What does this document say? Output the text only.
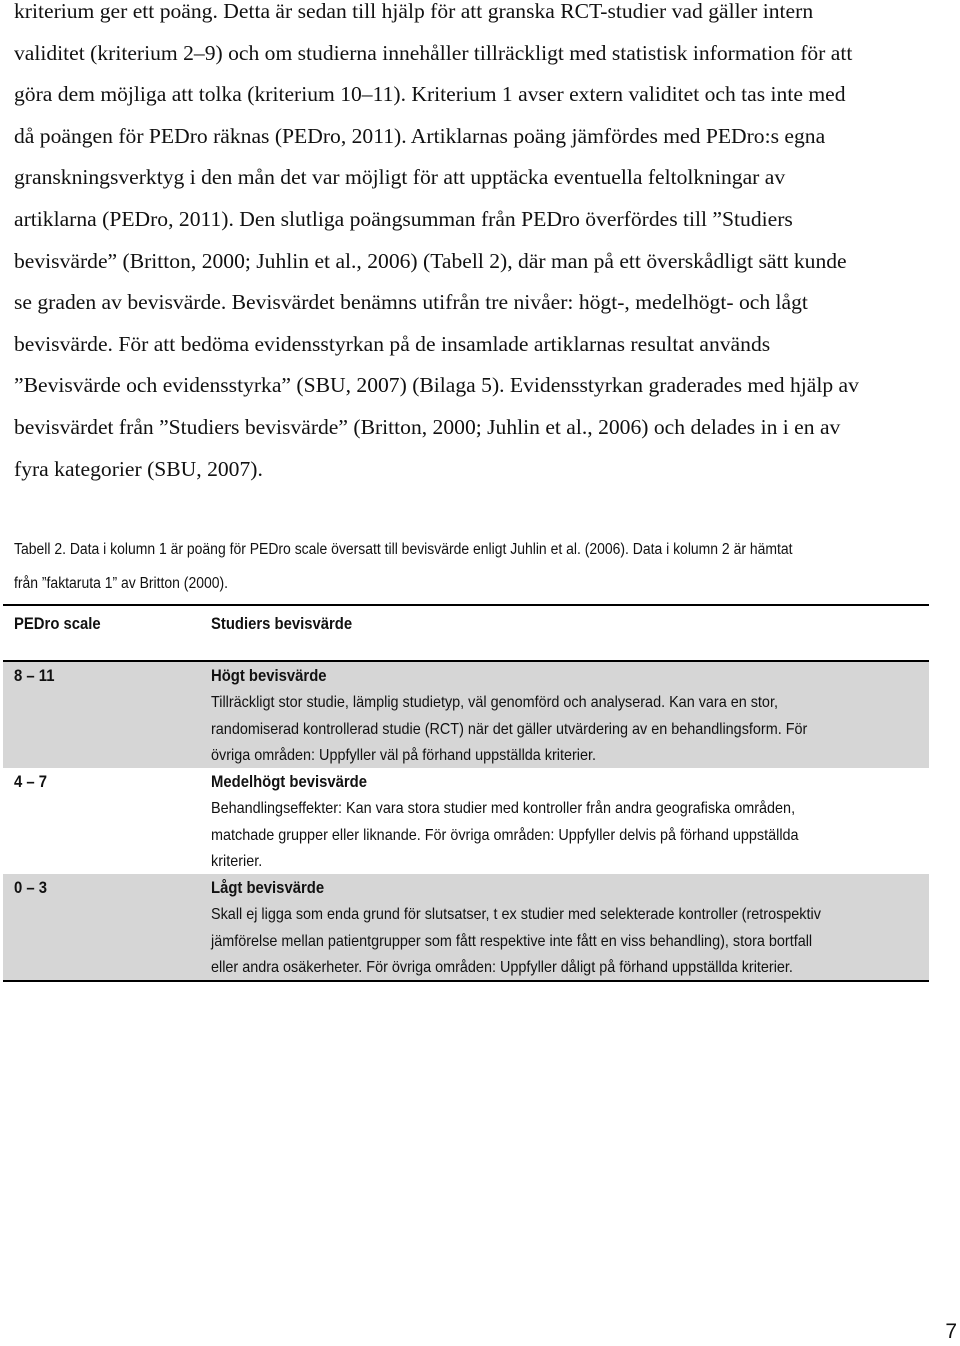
kriterium ger ett poäng. Detta är sedan till hjälp för att granska RCT-studier vad gäller intern
validitet (kriterium 2–9) och om studierna innehåller tillräckligt med statistisk information för att
göra dem möjliga att tolka (kriterium 10–11). Kriterium 1 avser extern validitet och tas inte med
då poängen för PEDro räknas (PEDro, 2011). Artiklarnas poäng jämfördes med PEDro:s egna
granskningsverktyg i den mån det var möjligt för att upptäcka eventuella feltolkningar av
artiklarna (PEDro, 2011). Den slutliga poängsumman från PEDro överfördes till ”Studiers
bevisvärde” (Britton, 2000; Juhlin et al., 2006) (Tabell 2), där man på ett överskådligt sätt kunde
se graden av bevisvärde. Bevisvärdet benämns utifrån tre nivåer: högt-, medelhögt- och lågt
bevisvärde. För att bedöma evidensstyrkan på de insamlade artiklarnas resultat används
”Bevisvärde och evidensstyrka” (SBU, 2007) (Bilaga 5). Evidensstyrkan graderades med hjälp av
bevisvärdet från ”Studiers bevisvärde” (Britton, 2000; Juhlin et al., 2006) och delades in i en av
fyra kategorier (SBU, 2007).
Tabell 2. Data i kolumn 1 är poäng för PEDro scale översatt till bevisvärde enligt Juhlin et al. (2006). Data i kolumn 2 är hämtat
från ”faktaruta 1” av Britton (2000).
PEDro scale	Studiers bevisvärde
8 – 11	Högt bevisvärde
Tillräckligt stor studie, lämplig studietyp, väl genomförd och analyserad. Kan vara en stor,
randomiserad kontrollerad studie (RCT) när det gäller utvärdering av en behandlingsform. För
övriga områden: Uppfyller väl på förhand uppställda kriterier.
4 – 7	Medelhögt bevisvärde
Behandlingseffekter: Kan vara stora studier med kontroller från andra geografiska områden,
matchade grupper eller liknande. För övriga områden: Uppfyller delvis på förhand uppställda
kriterier.
0 – 3	Lågt bevisvärde
Skall ej ligga som enda grund för slutsatser, t ex studier med selekterade kontroller (retrospektiv
jämförelse mellan patientgrupper som fått respektive inte fått en viss behandling), stora bortfall
eller andra osäkerheter. För övriga områden: Uppfyller dåligt på förhand uppställda kriterier.
7
